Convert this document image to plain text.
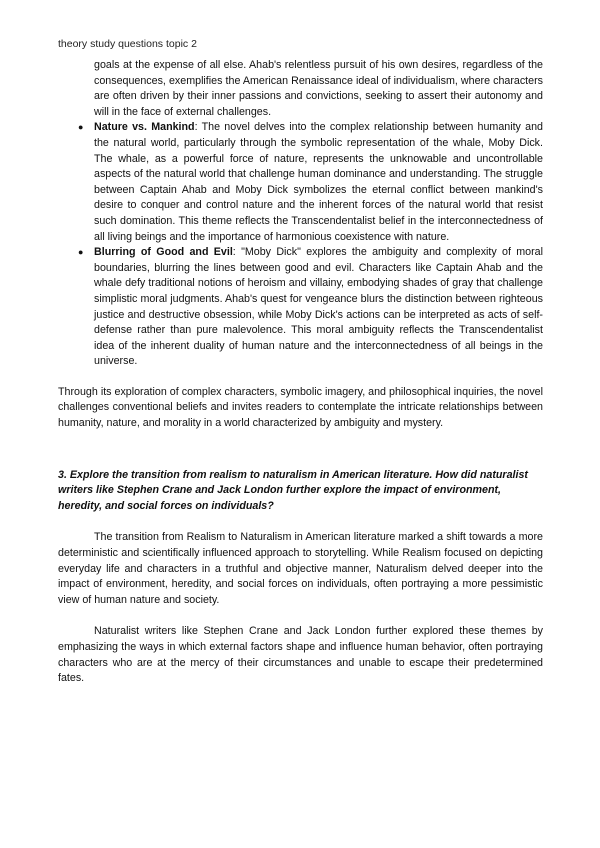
theory study questions topic 2

goals at the expense of all else. Ahab's relentless pursuit of his own desires, regardless of the consequences, exemplifies the American Renaissance ideal of individualism, where characters are often driven by their inner passions and convictions, seeking to assert their autonomy and will in the face of external challenges.

● Nature vs. Mankind: The novel delves into the complex relationship between humanity and the natural world, particularly through the symbolic representation of the whale, Moby Dick. The whale, as a powerful force of nature, represents the unknowable and uncontrollable aspects of the natural world that challenge human dominance and understanding. The struggle between Captain Ahab and Moby Dick symbolizes the eternal conflict between mankind's desire to conquer and control nature and the inherent forces of the natural world that resist such domination. This theme reflects the Transcendentalist belief in the interconnectedness of all living beings and the importance of harmonious coexistence with nature.
● Blurring of Good and Evil: "Moby Dick" explores the ambiguity and complexity of moral boundaries, blurring the lines between good and evil. Characters like Captain Ahab and the whale defy traditional notions of heroism and villainy, embodying shades of gray that challenge simplistic moral judgments. Ahab's quest for vengeance blurs the distinction between righteous justice and destructive obsession, while Moby Dick's actions can be interpreted as acts of self-defense rather than pure malevolence. This moral ambiguity reflects the Transcendentalist idea of the inherent duality of human nature and the interconnectedness of all beings in the universe.

Through its exploration of complex characters, symbolic imagery, and philosophical inquiries, the novel challenges conventional beliefs and invites readers to contemplate the intricate relationships between humanity, nature, and morality in a world characterized by ambiguity and mystery.

3. Explore the transition from realism to naturalism in American literature. How did naturalist writers like Stephen Crane and Jack London further explore the impact of environment, heredity, and social forces on individuals?

The transition from Realism to Naturalism in American literature marked a shift towards a more deterministic and scientifically influenced approach to storytelling. While Realism focused on depicting everyday life and characters in a truthful and objective manner, Naturalism delved deeper into the impact of environment, heredity, and social forces on individuals, often portraying a more pessimistic view of human nature and society.

Naturalist writers like Stephen Crane and Jack London further explored these themes by emphasizing the ways in which external factors shape and influence human behavior, often portraying characters who are at the mercy of their circumstances and unable to escape their predetermined fates.
